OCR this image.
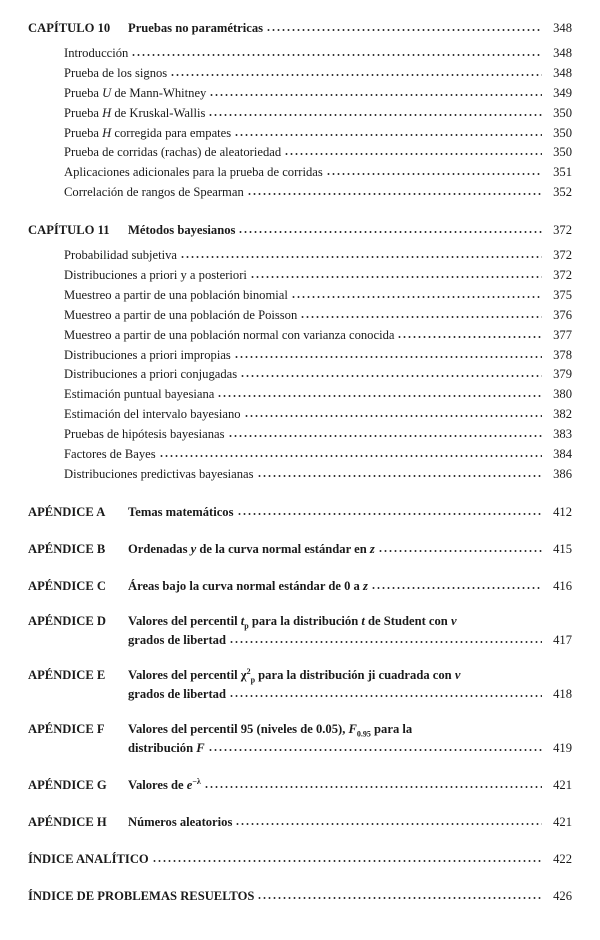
CAPÍTULO 10	Pruebas no paramétricas	348
Introducción	348
Prueba de los signos	348
Prueba U de Mann-Whitney	349
Prueba H de Kruskal-Wallis	350
Prueba H corregida para empates	350
Prueba de corridas (rachas) de aleatoriedad	350
Aplicaciones adicionales para la prueba de corridas	351
Correlación de rangos de Spearman	352
CAPÍTULO 11	Métodos bayesianos	372
Probabilidad subjetiva	372
Distribuciones a priori y a posteriori	372
Muestreo a partir de una población binomial	375
Muestreo a partir de una población de Poisson	376
Muestreo a partir de una población normal con varianza conocida	377
Distribuciones a priori impropias	378
Distribuciones a priori conjugadas	379
Estimación puntual bayesiana	380
Estimación del intervalo bayesiano	382
Pruebas de hipótesis bayesianas	383
Factores de Bayes	384
Distribuciones predictivas bayesianas	386
APÉNDICE A	Temas matemáticos	412
APÉNDICE B	Ordenadas y de la curva normal estándar en z	415
APÉNDICE C	Áreas bajo la curva normal estándar de 0 a z	416
APÉNDICE D	Valores del percentil $t_p$ para la distribución t de Student con ν
grados de libertad	417
APÉNDICE E	Valores del percentil $\chi^2_p$ para la distribución ji cuadrada con ν
grados de libertad	418
APÉNDICE F	Valores del percentil 95 (niveles de 0.05), $F_{0.95}$ para la
distribución F	419
APÉNDICE G	Valores de $e^{-\lambda}$	421
APÉNDICE H	Números aleatorios	421
ÍNDICE ANALÍTICO	422
ÍNDICE DE PROBLEMAS RESUELTOS	426
